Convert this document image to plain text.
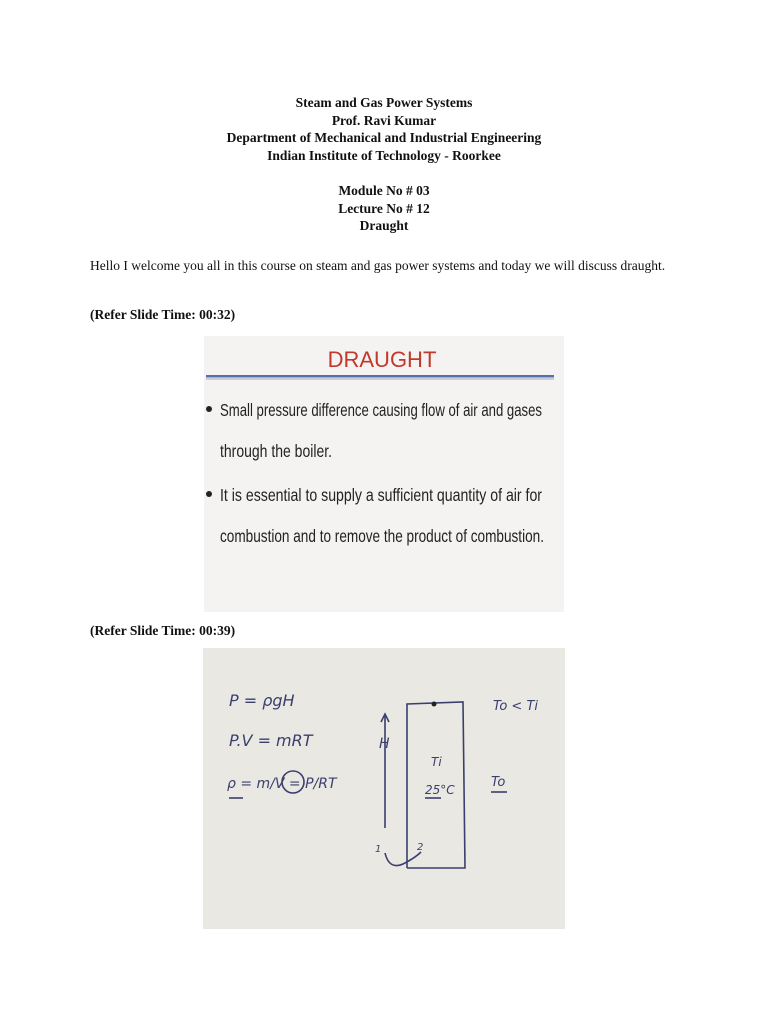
Steam and Gas Power Systems
Prof. Ravi Kumar
Department of Mechanical and Industrial Engineering
Indian Institute of Technology - Roorkee
Module No # 03
Lecture No # 12
Draught
Hello I welcome you all in this course on steam and gas power systems and today we will discuss draught.
(Refer Slide Time: 00:32)
DRAUGHT
Small pressure difference causing flow of air and gases
through the boiler.
It is essential to supply a sufficient quantity of air for
combustion and to remove the product of combustion.
(Refer Slide Time: 00:39)
P = ρgH
P.V = mRT
ρ = m/V = P/RT
H
Ti
25°C
To < Ti
To
1	2
